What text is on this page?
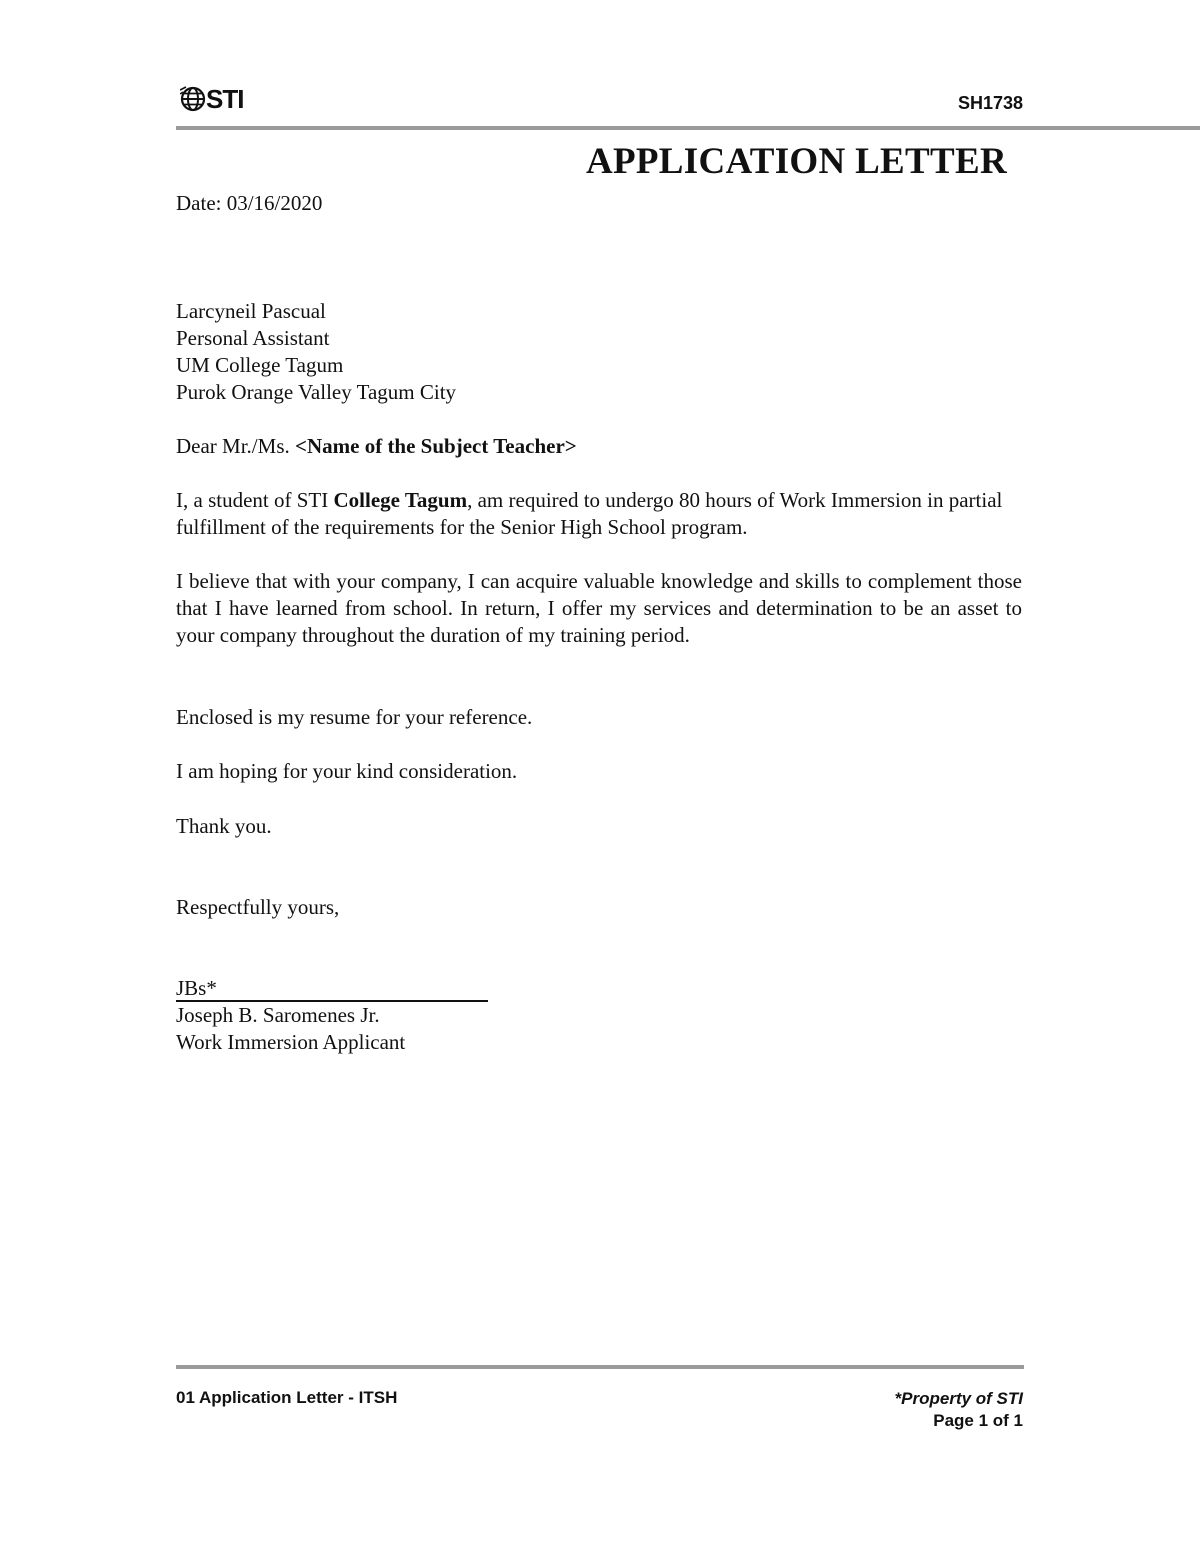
STI	SH1738
APPLICATION LETTER
Date: 03/16/2020
Larcyneil Pascual
Personal Assistant
UM College Tagum
Purok Orange Valley Tagum City
Dear Mr./Ms. <Name of the Subject Teacher>
I, a student of STI College Tagum, am required to undergo 80 hours of Work Immersion in partial fulfillment of the requirements for the Senior High School program.
I believe that with your company, I can acquire valuable knowledge and skills to complement those that I have learned from school. In return, I offer my services and determination to be an asset to your company throughout the duration of my training period.
Enclosed is my resume for your reference.
I am hoping for your kind consideration.
Thank you.
Respectfully yours,
JBs*
Joseph B. Saromenes Jr.
Work Immersion Applicant
01 Application Letter - ITSH	*Property of STI
Page 1 of 1
